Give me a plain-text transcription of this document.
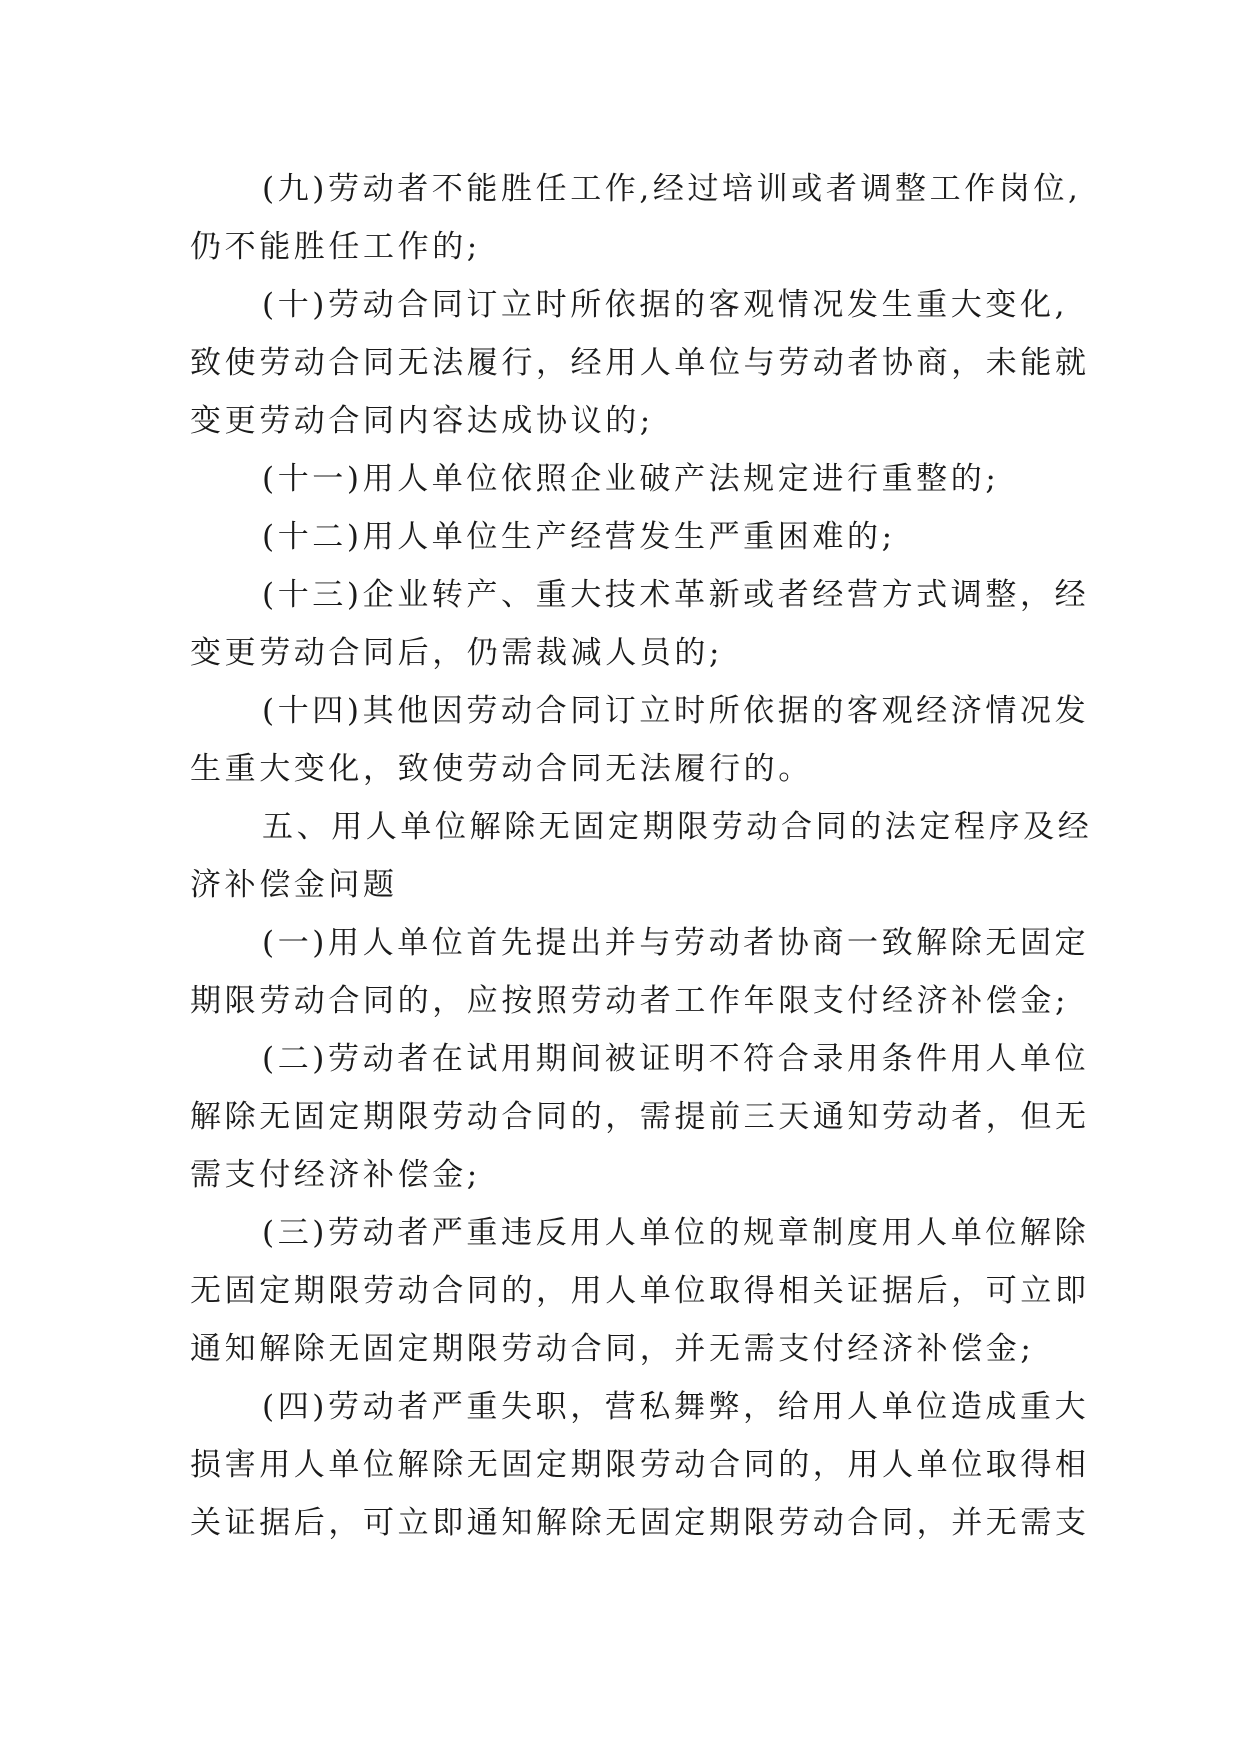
(九)劳动者不能胜任工作,经过培训或者调整工作岗位,
仍不能胜任工作的;

(十)劳动合同订立时所依据的客观情况发生重大变化,
致使劳动合同无法履行，经用人单位与劳动者协商，未能就
变更劳动合同内容达成协议的;

(十一)用人单位依照企业破产法规定进行重整的;

(十二)用人单位生产经营发生严重困难的;

(十三)企业转产、重大技术革新或者经营方式调整，经
变更劳动合同后，仍需裁减人员的;

(十四)其他因劳动合同订立时所依据的客观经济情况发
生重大变化，致使劳动合同无法履行的。

五、用人单位解除无固定期限劳动合同的法定程序及经
济补偿金问题

(一)用人单位首先提出并与劳动者协商一致解除无固定
期限劳动合同的，应按照劳动者工作年限支付经济补偿金;

(二)劳动者在试用期间被证明不符合录用条件用人单位
解除无固定期限劳动合同的，需提前三天通知劳动者，但无
需支付经济补偿金;

(三)劳动者严重违反用人单位的规章制度用人单位解除
无固定期限劳动合同的，用人单位取得相关证据后，可立即
通知解除无固定期限劳动合同，并无需支付经济补偿金;

(四)劳动者严重失职，营私舞弊，给用人单位造成重大
损害用人单位解除无固定期限劳动合同的，用人单位取得相
关证据后，可立即通知解除无固定期限劳动合同，并无需支
